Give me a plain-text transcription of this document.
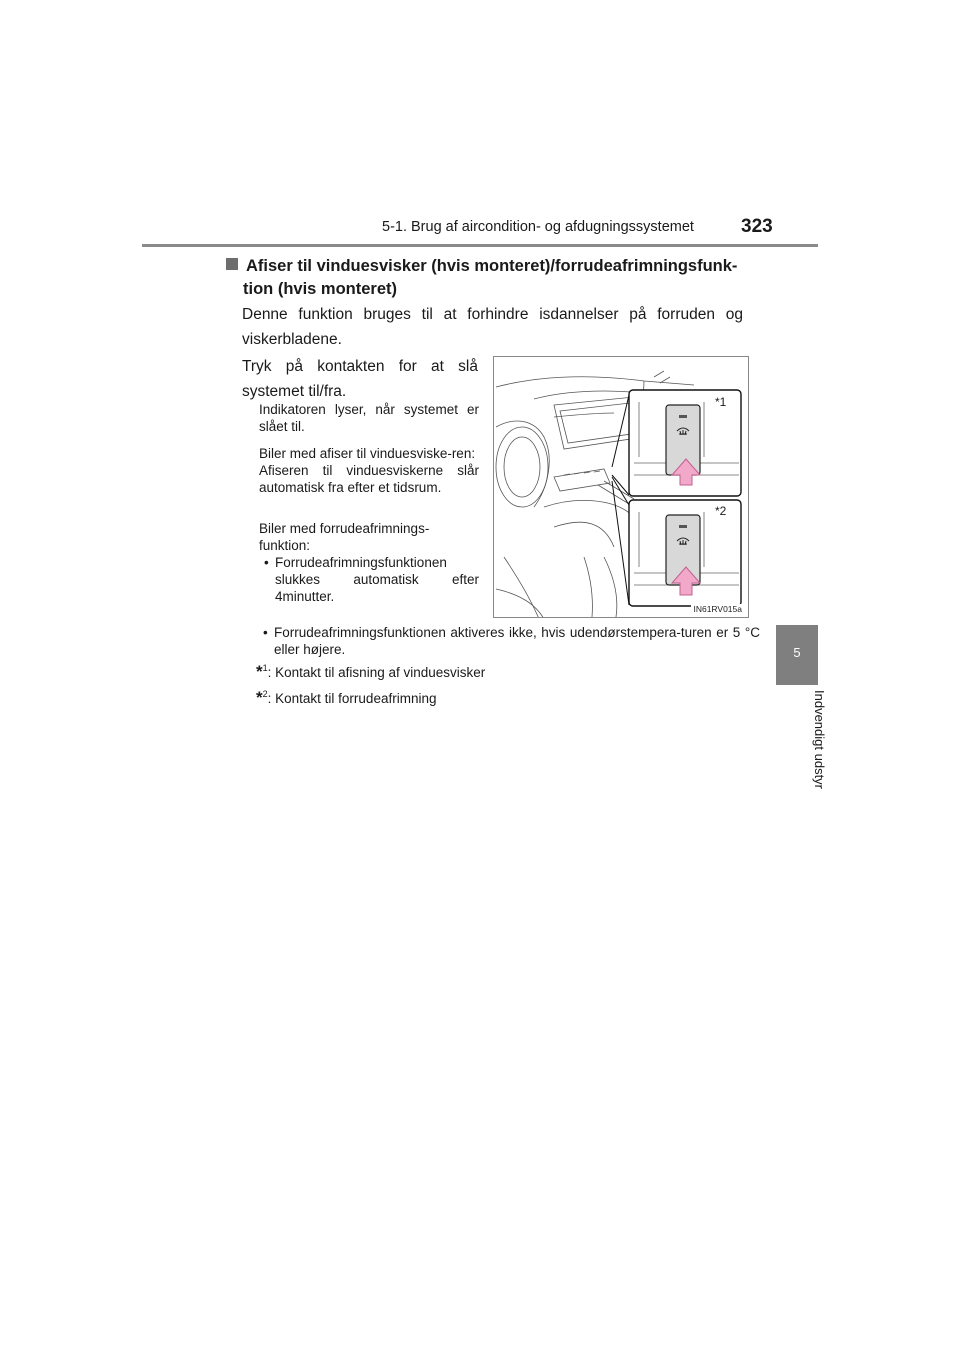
5-1. Brug af aircondition- og afdugningssystemet 323
5
Indvendigt udstyr
Afiser til vinduesvisker (hvis monteret)/forrudeafrimningsfunk-
tion (hvis monteret)
Denne funktion bruges til at forhindre isdannelser på forruden og viskerbladene.
Tryk på kontakten for at slå systemet til/fra.
Indikatoren lyser, når systemet er slået til.
Biler med afiser til vinduesviske-ren:
Afiseren til vinduesviskerne slår automatisk fra efter et tidsrum.
Biler med forrudeafrimnings-funktion:
• Forrudeafrimningsfunktionen slukkes automatisk efter 4minutter.
*1
*2
IN61RV015a
• Forrudeafrimningsfunktionen aktiveres ikke, hvis udendørstempera-turen er 5 °C eller højere.
*$^1$: Kontakt til afisning af vinduesvisker
*$^2$: Kontakt til forrudeafrimning
